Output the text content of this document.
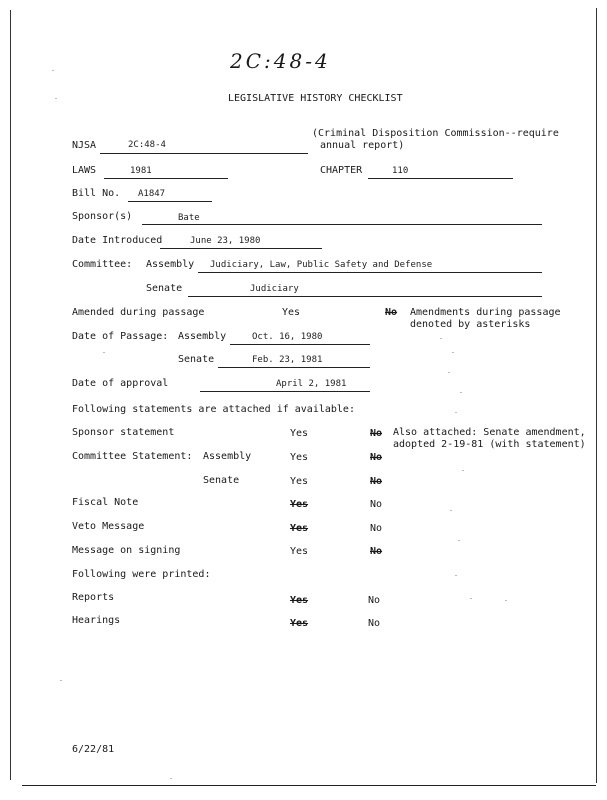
2C:48-4
LEGISLATIVE HISTORY CHECKLIST
NJSA	2C:48-4
(Criminal Disposition Commission--require
annual report)
LAWS	1981	CHAPTER	110
Bill No. A1847
Sponsor(s)	Bate
Date Introduced	June 23, 1980
Committee: Assembly Judiciary, Law, Public Safety and Defense
Senate	Judiciary
Amended during passage	Yes	No Amendments during passage
denoted by asterisks
Date of Passage: Assembly	Oct. 16, 1980
Senate	Feb. 23, 1981
Date of approval	April 2, 1981
Following statements are attached if available:
Sponsor statement	Yes	No
Committee Statement: Assembly	Yes	No
Senate	Yes	No
Fiscal Note	Yes	No
Veto Message	Yes	No
Message on signing	Yes	No
Also attached: Senate amendment,
adopted 2-19-81 (with statement)
Following were printed:
Reports	Yes	No
Hearings	Yes	No
6/22/81
